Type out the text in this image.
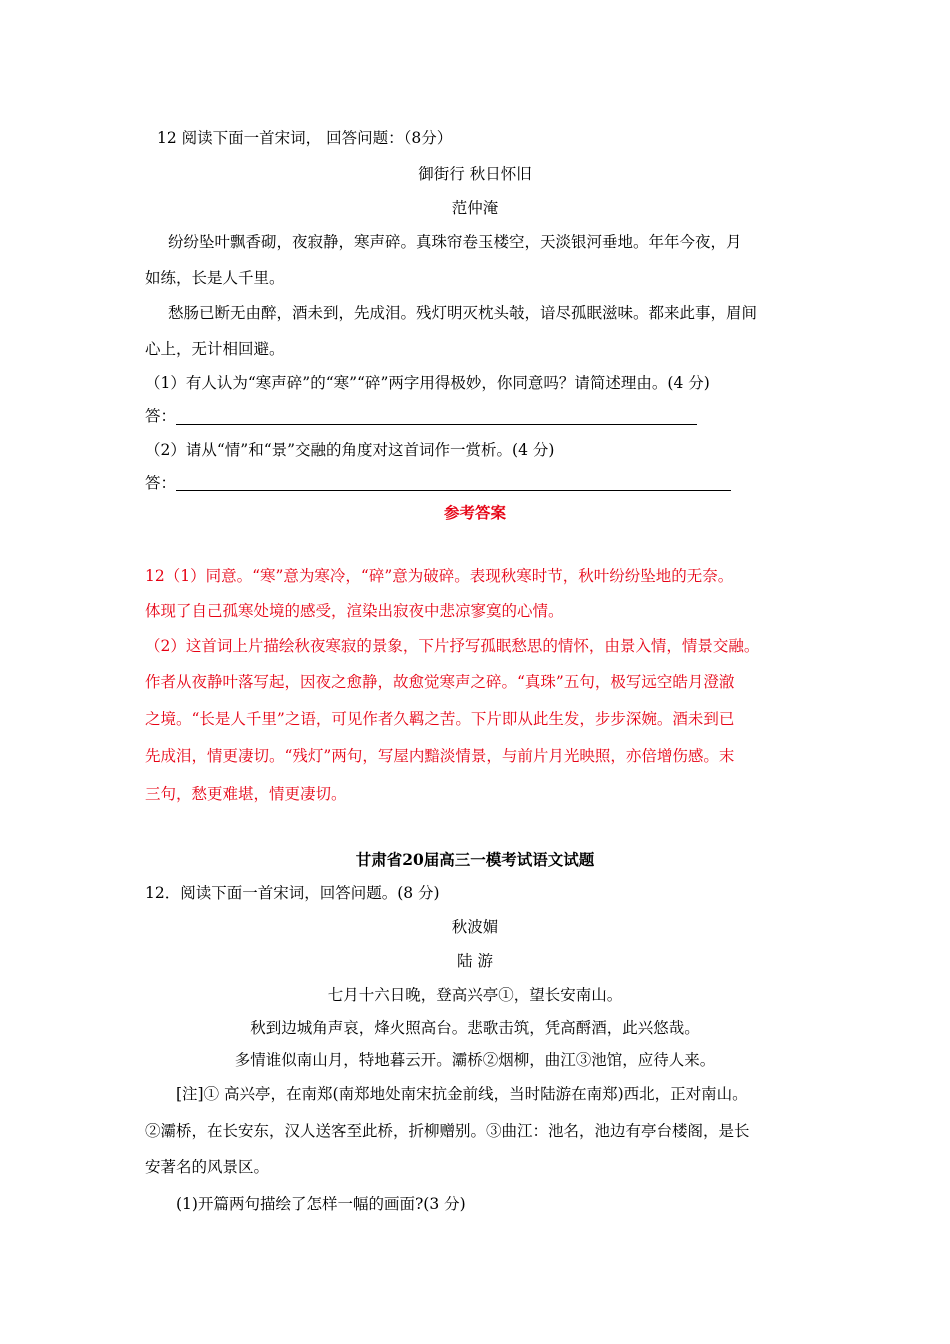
12 阅读下面一首宋词， 回答问题：（8分）
御街行 秋日怀旧
范仲淹
纷纷坠叶飘香砌，夜寂静，寒声碎。真珠帘卷玉楼空，天淡银河垂地。年年今夜，月
如练，长是人千里。
愁肠已断无由醉，酒未到，先成泪。残灯明灭枕头攲，谙尽孤眠滋味。都来此事，眉间
心上，无计相回避。
（1）有人认为“寒声碎”的“寒”“碎”两字用得极妙，你同意吗？请简述理由。(4 分)
答：
（2）请从“情”和“景”交融的角度对这首词作一赏析。(4 分)
答：
参考答案
12（1）同意。“寒”意为寒冷，“碎”意为破碎。表现秋寒时节，秋叶纷纷坠地的无奈。
体现了自己孤寒处境的感受，渲染出寂夜中悲凉寥寞的心情。
（2）这首词上片描绘秋夜寒寂的景象，下片抒写孤眠愁思的情怀，由景入情，情景交融。
作者从夜静叶落写起，因夜之愈静，故愈觉寒声之碎。“真珠”五句，极写远空皓月澄澈
之境。“长是人千里”之语，可见作者久羁之苦。下片即从此生发，步步深婉。酒未到已
先成泪，情更凄切。“残灯”两句，写屋内黯淡情景，与前片月光映照，亦倍增伤感。末
三句，愁更难堪，情更凄切。
甘肃省20届高三一模考试语文试题
12．阅读下面一首宋词，回答问题。(8 分)
秋波媚
陆 游
七月十六日晚，登高兴亭①，望长安南山。
秋到边城角声哀，烽火照高台。悲歌击筑，凭高酹酒，此兴悠哉。
多情谁似南山月，特地暮云开。灞桥②烟柳，曲江③池馆，应待人来。
[注]① 高兴亭，在南郑(南郑地处南宋抗金前线，当时陆游在南郑)西北，正对南山。
②灞桥，在长安东，汉人送客至此桥，折柳赠别。③曲江：池名，池边有亭台楼阁，是长
安著名的风景区。
(1)开篇两句描绘了怎样一幅的画面?(3 分)
